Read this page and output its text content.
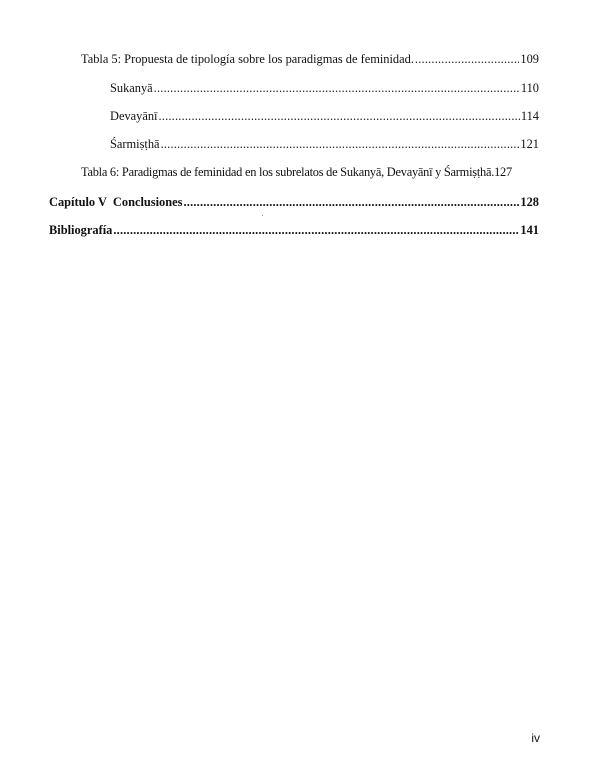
Tabla 5: Propuesta de tipología sobre los paradigmas de feminidad. .....	109
Sukanyā .....	110
Devayānī .....	114
Śarmiṣṭhā .....	121
Tabla 6: Paradigmas de feminidad en los subrelatos de Sukanyā, Devayānī y Śarmiṣṭhā. 127
Capítulo V  Conclusiones .....	128
Bibliografía .....	141
iv
